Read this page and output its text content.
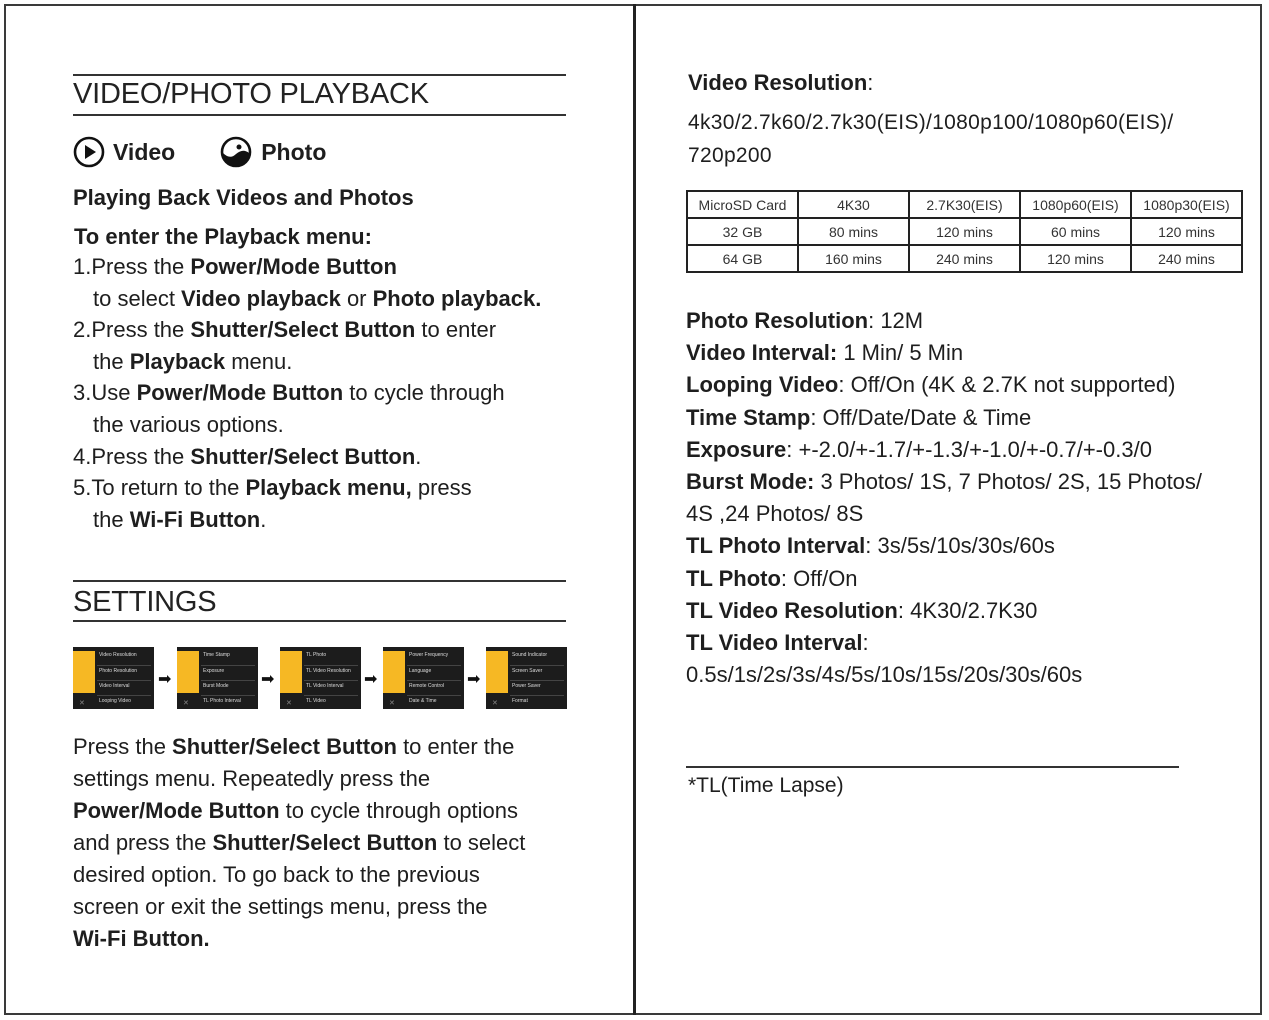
VIDEO/PHOTO PLAYBACK
Video	Photo
Playing Back Videos and Photos
To enter the Playback menu:
1.Press the Power/Mode Button
to select Video playback or Photo playback.
2.Press the Shutter/Select Button to enter
the Playback menu.
3.Use Power/Mode Button to cycle through
the various options.
4.Press the Shutter/Select Button.
5.To return to the Playback menu, press
the Wi-Fi Button.
SETTINGS
✕
Video Resolution
Photo Resolution
Video Interval
Looping Video
➡
✕
Time Stamp
Exposure
Burst Mode
TL Photo Interval
➡
✕
TL Photo
TL Video Resolution
TL Video Interval
TL Video
➡
✕
Power Frequency
Language
Remote Control
Date & Time
➡
✕
Sound Indicator
Screen Saver
Power Saver
Format
Press the Shutter/Select Button to enter the
settings menu. Repeatedly press the
Power/Mode Button to cycle through options
and press the Shutter/Select Button to select
desired option. To go back to the previous
screen or exit the settings menu, press the
Wi-Fi Button.
Video Resolution:
4k30/2.7k60/2.7k30(EIS)/1080p100/1080p60(EIS)/
720p200
MicroSD Card	4K30	2.7K30(EIS)	1080p60(EIS)	1080p30(EIS)
32 GB	80 mins	120 mins	60 mins	120 mins
64 GB	160 mins	240 mins	120 mins	240 mins
Photo Resolution: 12M
Video Interval: 1 Min/ 5 Min
Looping Video: Off/On (4K & 2.7K not supported)
Time Stamp: Off/Date/Date & Time
Exposure: +-2.0/+-1.7/+-1.3/+-1.0/+-0.7/+-0.3/0
Burst Mode: 3 Photos/ 1S, 7 Photos/ 2S, 15 Photos/
4S ,24 Photos/ 8S
TL Photo Interval: 3s/5s/10s/30s/60s
TL Photo: Off/On
TL Video Resolution: 4K30/2.7K30
TL Video Interval:
0.5s/1s/2s/3s/4s/5s/10s/15s/20s/30s/60s
*TL(Time Lapse)
